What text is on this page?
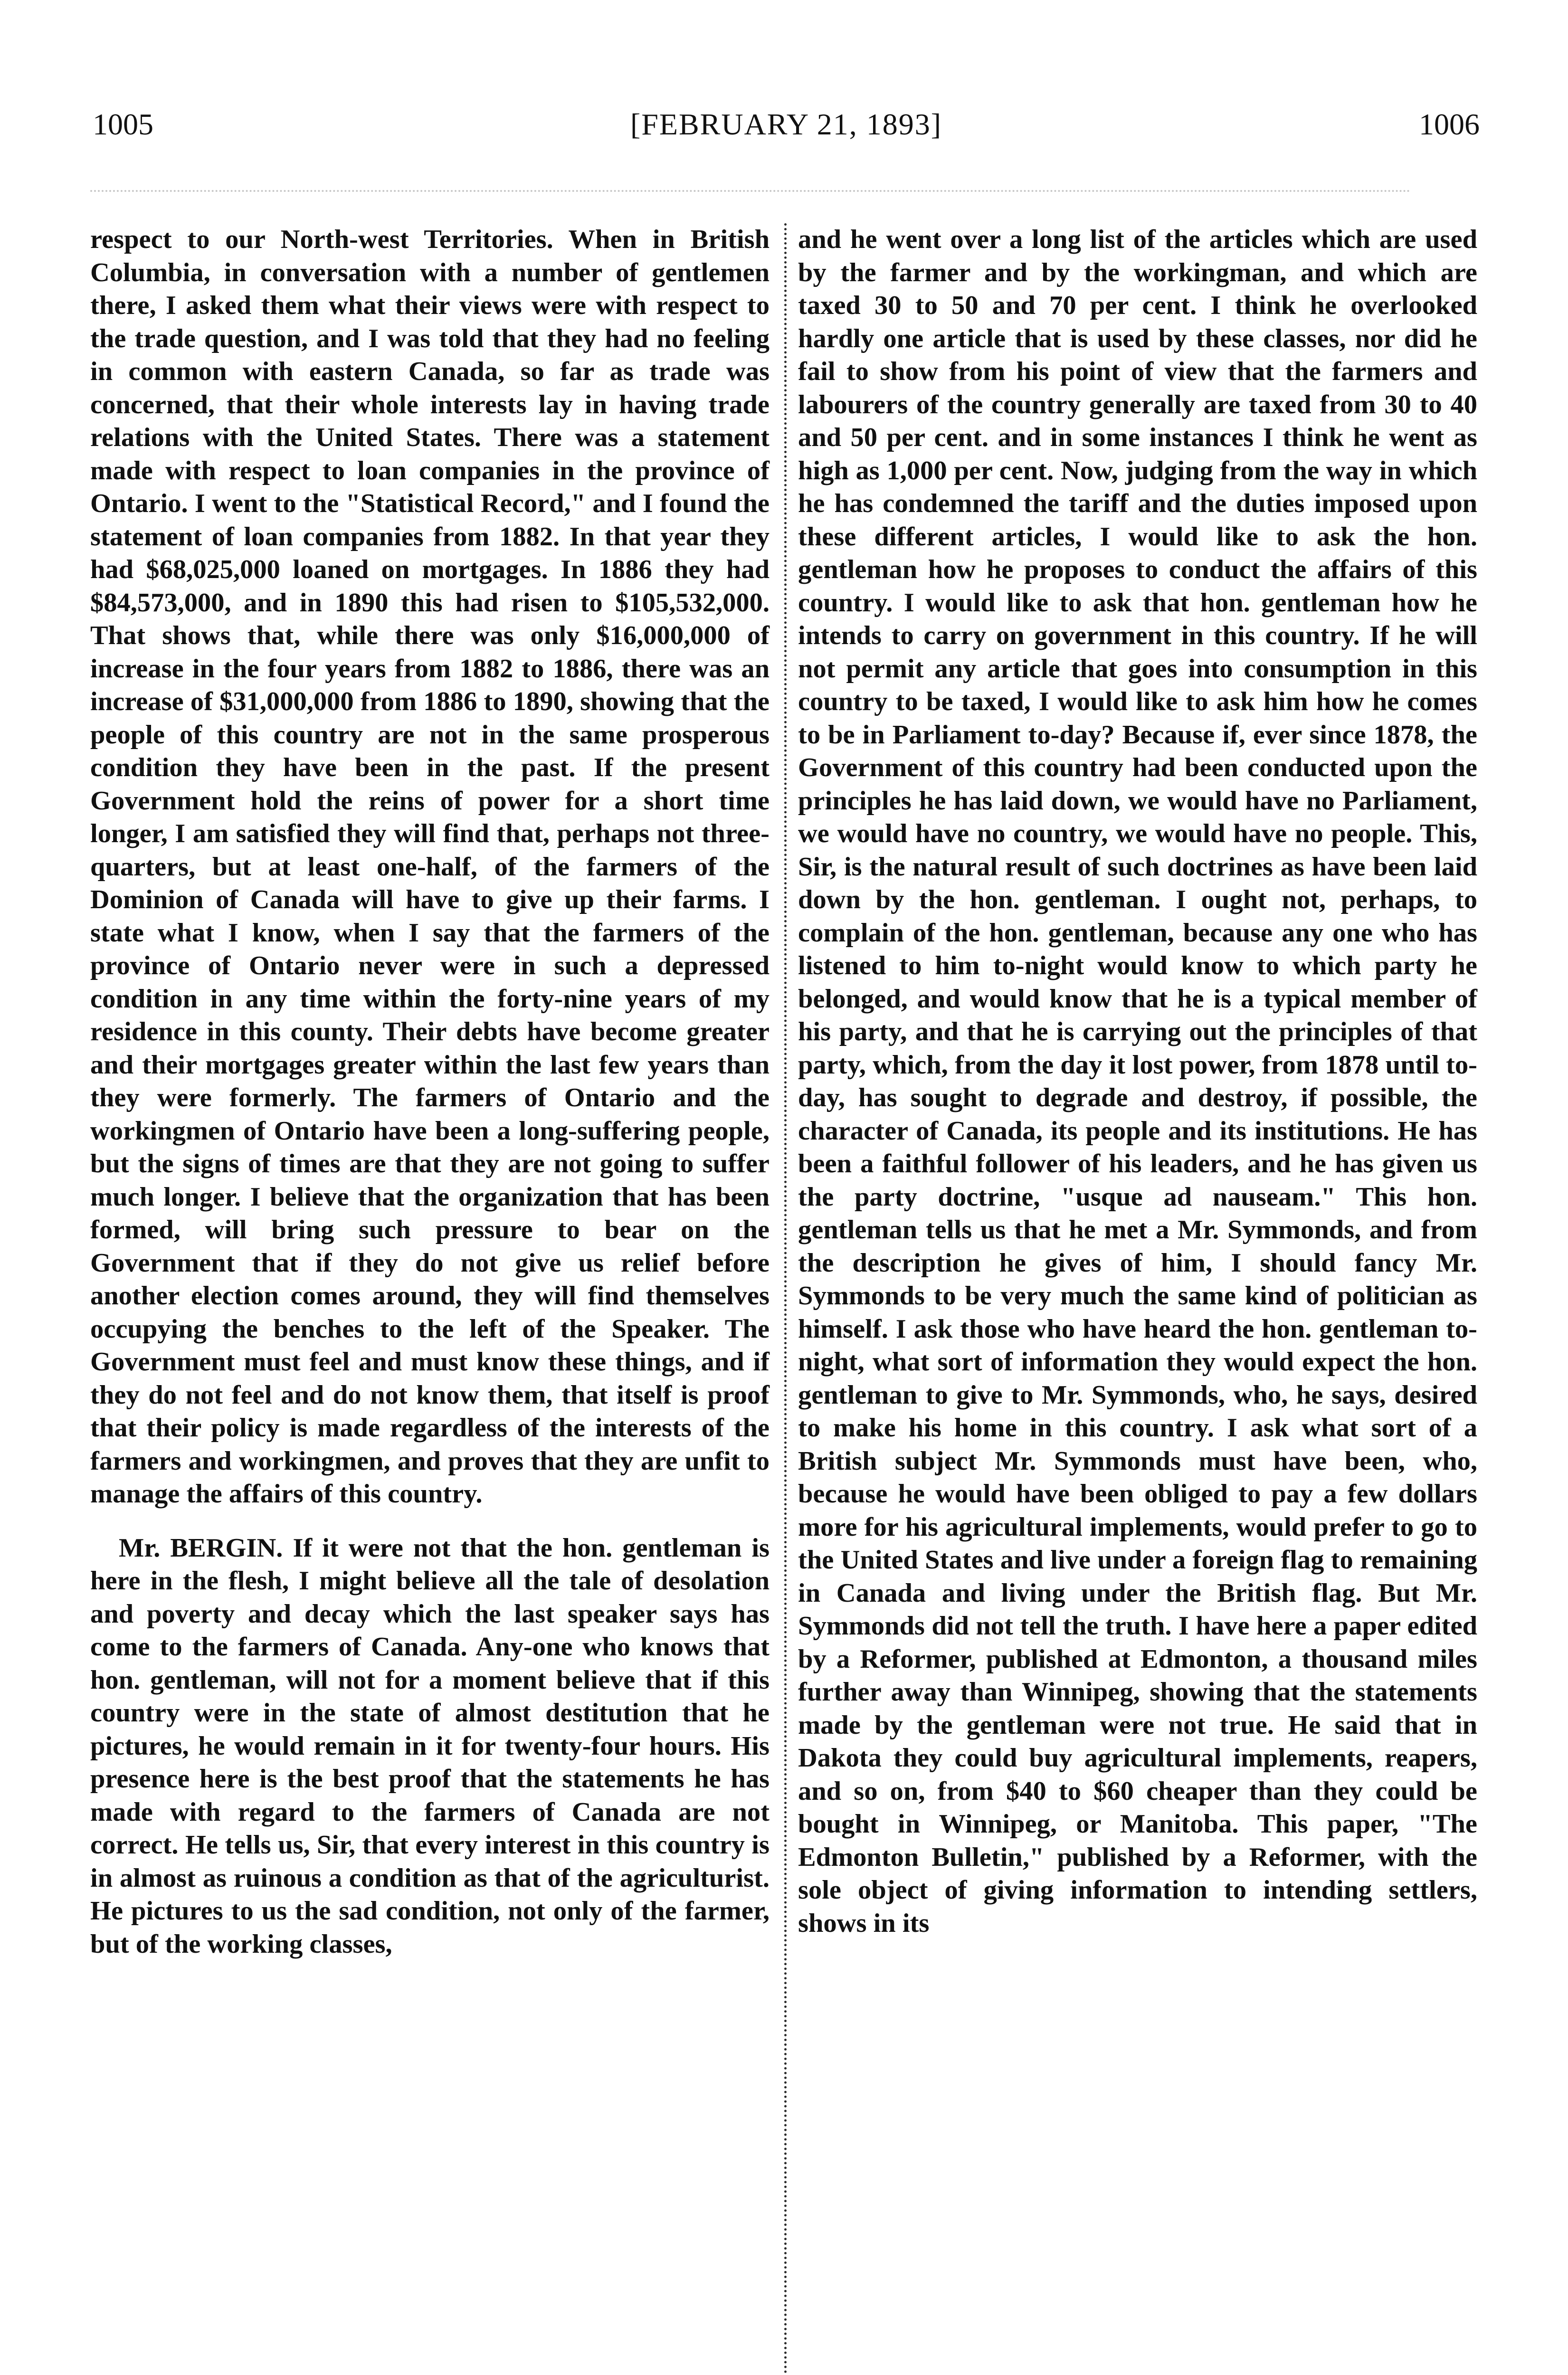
1005	[FEBRUARY 21, 1893]	1006

respect to our North-west Territories. When in British Columbia, in conversation with a number of gentlemen there, I asked them what their views were with respect to the trade question, and I was told that they had no feeling in common with eastern Canada, so far as trade was concerned, that their whole interests lay in having trade relations with the United States. There was a statement made with respect to loan companies in the province of Ontario. I went to the "Statistical Record," and I found the statement of loan companies from 1882. In that year they had $68,025,000 loaned on mortgages. In 1886 they had $84,573,000, and in 1890 this had risen to $105,532,000. That shows that, while there was only $16,000,000 of increase in the four years from 1882 to 1886, there was an increase of $31,000,000 from 1886 to 1890, showing that the people of this country are not in the same prosperous condition they have been in the past. If the present Government hold the reins of power for a short time longer, I am satisfied they will find that, perhaps not three-quarters, but at least one-half, of the farmers of the Dominion of Canada will have to give up their farms. I state what I know, when I say that the farmers of the province of Ontario never were in such a depressed condition in any time within the forty-nine years of my residence in this county. Their debts have become greater and their mortgages greater within the last few years than they were formerly. The farmers of Ontario and the workingmen of Ontario have been a long-suffering people, but the signs of times are that they are not going to suffer much longer. I believe that the organization that has been formed, will bring such pressure to bear on the Government that if they do not give us relief before another election comes around, they will find themselves occupying the benches to the left of the Speaker. The Government must feel and must know these things, and if they do not feel and do not know them, that itself is proof that their policy is made regardless of the interests of the farmers and workingmen, and proves that they are unfit to manage the affairs of this country.

Mr. BERGIN. If it were not that the hon. gentleman is here in the flesh, I might believe all the tale of desolation and poverty and decay which the last speaker says has come to the farmers of Canada. Any-one who knows that hon. gentleman, will not for a moment believe that if this country were in the state of almost destitution that he pictures, he would remain in it for twenty-four hours. His presence here is the best proof that the statements he has made with regard to the farmers of Canada are not correct. He tells us, Sir, that every interest in this country is in almost as ruinous a condition as that of the agriculturist. He pictures to us the sad condition, not only of the farmer, but of the working classes,

and he went over a long list of the articles which are used by the farmer and by the workingman, and which are taxed 30 to 50 and 70 per cent. I think he overlooked hardly one article that is used by these classes, nor did he fail to show from his point of view that the farmers and labourers of the country generally are taxed from 30 to 40 and 50 per cent. and in some instances I think he went as high as 1,000 per cent. Now, judging from the way in which he has condemned the tariff and the duties imposed upon these different articles, I would like to ask the hon. gentleman how he proposes to conduct the affairs of this country. I would like to ask that hon. gentleman how he intends to carry on government in this country. If he will not permit any article that goes into consumption in this country to be taxed, I would like to ask him how he comes to be in Parliament to-day? Because if, ever since 1878, the Government of this country had been conducted upon the principles he has laid down, we would have no Parliament, we would have no country, we would have no people. This, Sir, is the natural result of such doctrines as have been laid down by the hon. gentleman. I ought not, perhaps, to complain of the hon. gentleman, because any one who has listened to him to-night would know to which party he belonged, and would know that he is a typical member of his party, and that he is carrying out the principles of that party, which, from the day it lost power, from 1878 until to-day, has sought to degrade and destroy, if possible, the character of Canada, its people and its institutions. He has been a faithful follower of his leaders, and he has given us the party doctrine, "usque ad nauseam." This hon. gentleman tells us that he met a Mr. Symmonds, and from the description he gives of him, I should fancy Mr. Symmonds to be very much the same kind of politician as himself. I ask those who have heard the hon. gentleman to-night, what sort of information they would expect the hon. gentleman to give to Mr. Symmonds, who, he says, desired to make his home in this country. I ask what sort of a British subject Mr. Symmonds must have been, who, because he would have been obliged to pay a few dollars more for his agricultural implements, would prefer to go to the United States and live under a foreign flag to remaining in Canada and living under the British flag. But Mr. Symmonds did not tell the truth. I have here a paper edited by a Reformer, published at Edmonton, a thousand miles further away than Winnipeg, showing that the statements made by the gentleman were not true. He said that in Dakota they could buy agricultural implements, reapers, and so on, from $40 to $60 cheaper than they could be bought in Winnipeg, or Manitoba. This paper, "The Edmonton Bulletin," published by a Reformer, with the sole object of giving information to intending settlers, shows in its
